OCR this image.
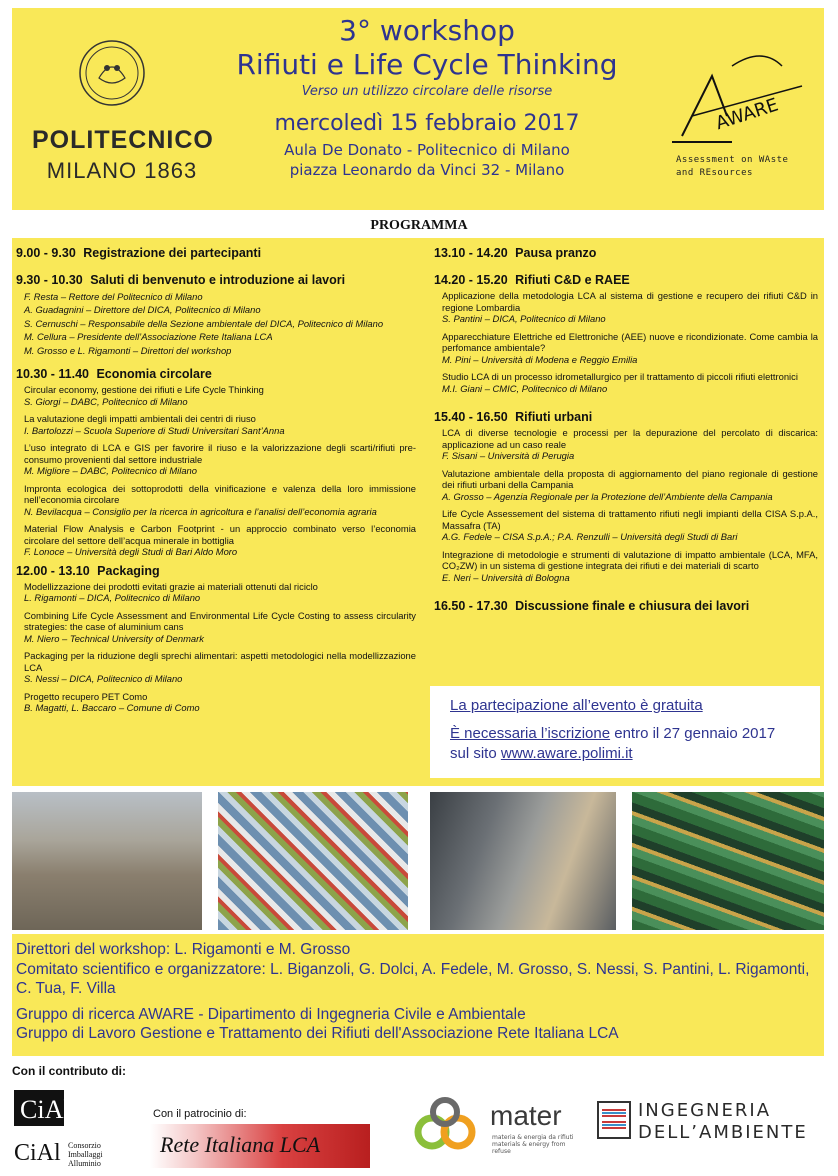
POLITECNICO
MILANO 1863
3° workshop
Rifiuti e Life Cycle Thinking
Verso un utilizzo circolare delle risorse
mercoledì 15 febbraio 2017
Aula De Donato - Politecnico di Milano
piazza Leonardo da Vinci 32 - Milano
AWARE
Assessment on WAste
and REsources
PROGRAMMA
9.00 - 9.30 Registrazione dei partecipanti
9.30 - 10.30 Saluti di benvenuto e introduzione ai lavori
F. Resta – Rettore del Politecnico di Milano
A. Guadagnini – Direttore del DICA, Politecnico di Milano
S. Cernuschi – Responsabile della Sezione ambientale del DICA, Politecnico di Milano
M. Cellura – Presidente dell’Associazione Rete Italiana LCA
M. Grosso e L. Rigamonti – Direttori del workshop
10.30 - 11.40 Economia circolare
Circular economy, gestione dei rifiuti e Life Cycle Thinking
S. Giorgi – DABC, Politecnico di Milano
La valutazione degli impatti ambientali dei centri di riuso
I. Bartolozzi – Scuola Superiore di Studi Universitari Sant’Anna
L’uso integrato di LCA e GIS per favorire il riuso e la valorizzazione degli scarti/rifiuti pre-consumo provenienti dal settore industriale
M. Migliore – DABC, Politecnico di Milano
Impronta ecologica dei sottoprodotti della vinificazione e valenza della loro immissione nell’economia circolare
N. Bevilacqua – Consiglio per la ricerca in agricoltura e l’analisi dell’economia agraria
Material Flow Analysis e Carbon Footprint - un approccio combinato verso l’economia circolare del settore dell’acqua minerale in bottiglia
F. Lonoce – Università degli Studi di Bari Aldo Moro
12.00 - 13.10 Packaging
Modellizzazione dei prodotti evitati grazie ai materiali ottenuti dal riciclo
L. Rigamonti – DICA, Politecnico di Milano
Combining Life Cycle Assessment and Environmental Life Cycle Costing to assess circularity strategies: the case of aluminium cans
M. Niero – Technical University of Denmark
Packaging per la riduzione degli sprechi alimentari: aspetti metodologici nella modellizzazione LCA
S. Nessi – DICA, Politecnico di Milano
Progetto recupero PET Como
B. Magatti, L. Baccaro – Comune di Como
13.10 - 14.20 Pausa pranzo
14.20 - 15.20 Rifiuti C&D e RAEE
Applicazione della metodologia LCA al sistema di gestione e recupero dei rifiuti C&D in regione Lombardia
S. Pantini – DICA, Politecnico di Milano
Apparecchiature Elettriche ed Elettroniche (AEE) nuove e ricondizionate. Come cambia la perfomance ambientale?
M. Pini – Università di Modena e Reggio Emilia
Studio LCA di un processo idrometallurgico per il trattamento di piccoli rifiuti elettronici
M.I. Giani – CMIC, Politecnico di Milano
15.40 - 16.50 Rifiuti urbani
LCA di diverse tecnologie e processi per la depurazione del percolato di discarica: applicazione ad un caso reale
F. Sisani – Università di Perugia
Valutazione ambientale della proposta di aggiornamento del piano regionale di gestione dei rifiuti urbani della Campania
A. Grosso – Agenzia Regionale per la Protezione dell’Ambiente della Campania
Life Cycle Assessement del sistema di trattamento rifiuti negli impianti della CISA S.p.A., Massafra (TA)
A.G. Fedele – CISA S.p.A.; P.A. Renzulli – Università degli Studi di Bari
Integrazione di metodologie e strumenti di valutazione di impatto ambientale (LCA, MFA, CO₂ZW) in un sistema di gestione integrata dei rifiuti e dei materiali di scarto
E. Neri – Università di Bologna
16.50 - 17.30 Discussione finale e chiusura dei lavori
La partecipazione all’evento è gratuita
È necessaria l’iscrizione entro il 27 gennaio 2017
sul sito www.aware.polimi.it
Direttori del workshop: L. Rigamonti e M. Grosso
Comitato scientifico e organizzatore: L. Biganzoli, G. Dolci, A. Fedele, M. Grosso, S. Nessi, S. Pantini, L. Rigamonti, C. Tua, F. Villa
Gruppo di ricerca AWARE - Dipartimento di Ingegneria Civile e Ambientale
Gruppo di Lavoro Gestione e Trattamento dei Rifiuti dell'Associazione Rete Italiana LCA
Con il contributo di:
CiAl
CiAl Consorzio
Imballaggi
Alluminio
Con il patrocinio di:
Rete Italiana LCA
mater
materia & energia da rifiuti
materials & energy from refuse
INGEGNERIA
DELL’AMBIENTE
